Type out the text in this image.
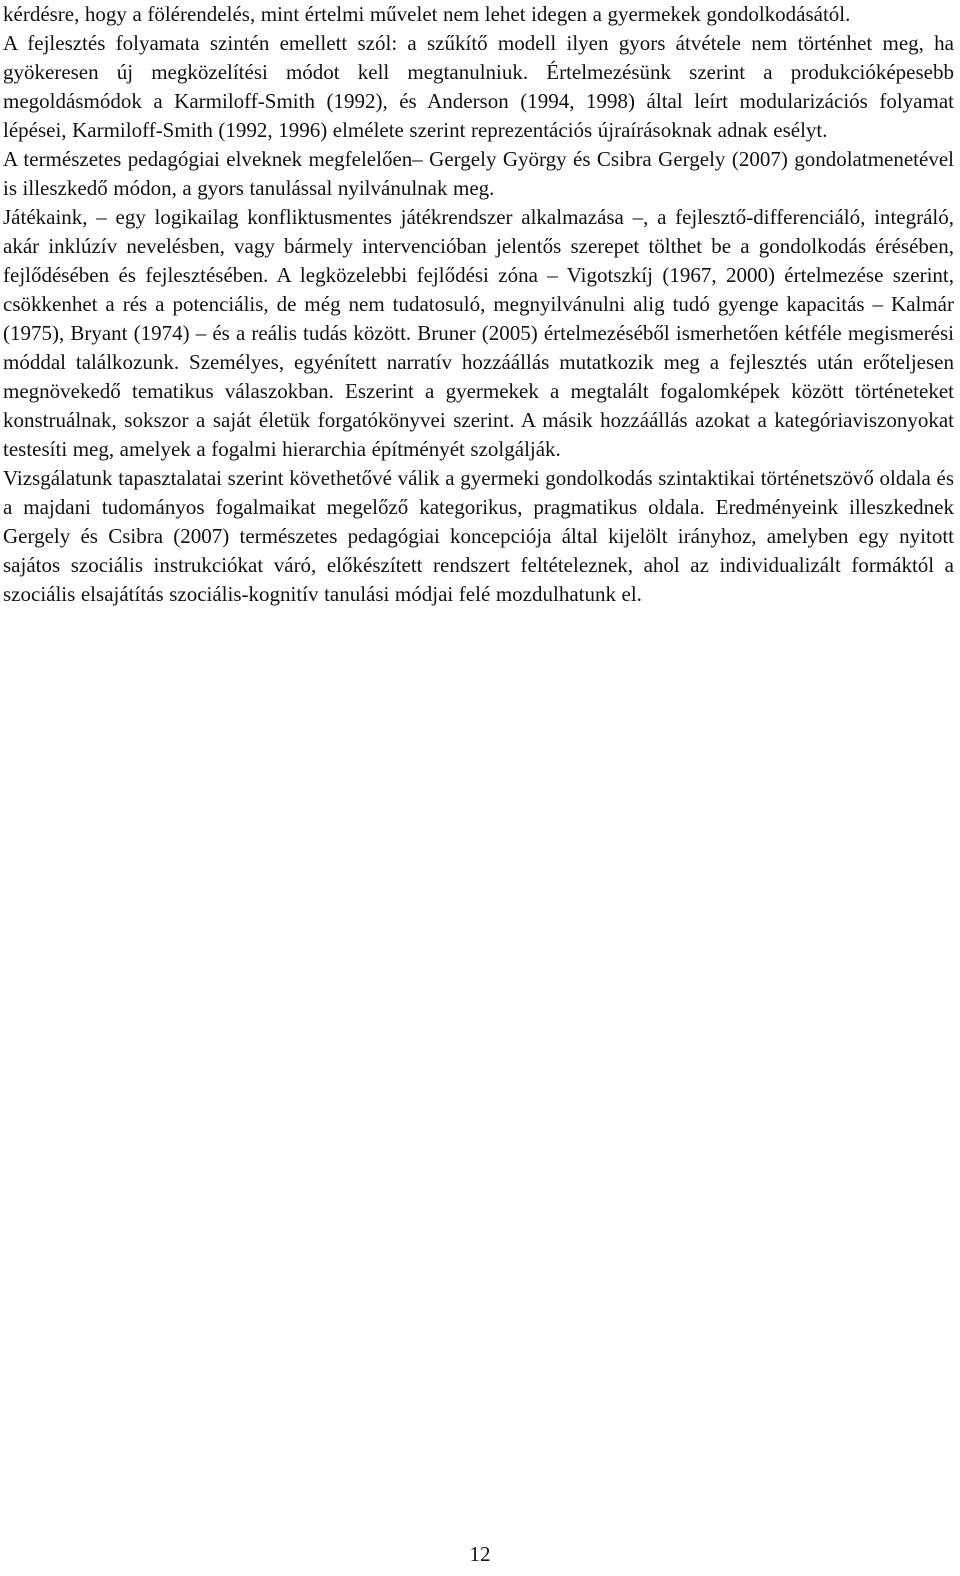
kérdésre, hogy a fölérendelés, mint értelmi művelet nem lehet idegen a gyermekek gondolkodásától.

A fejlesztés folyamata szintén emellett szól: a szűkítő modell ilyen gyors átvétele nem történhet meg, ha gyökeresen új megközelítési módot kell megtanulniuk. Értelmezésünk szerint a produkcióképesebb megoldásmódok a Karmiloff-Smith (1992), és Anderson (1994, 1998) által leírt modularizációs folyamat lépései, Karmiloff-Smith (1992, 1996) elmélete szerint reprezentációs újraírásoknak adnak esélyt.

A természetes pedagógiai elveknek megfelelően– Gergely György és Csibra Gergely (2007) gondolatmenetével is illeszkedő módon, a gyors tanulással nyilvánulnak meg.

Játékaink, – egy logikailag konfliktusmentes játékrendszer alkalmazása –, a fejlesztő-differenciáló, integráló, akár inklúzív nevelésben, vagy bármely intervencióban jelentős szerepet tölthet be a gondolkodás érésében, fejlődésében és fejlesztésében. A legközelebbi fejlődési zóna – Vigotszkíj (1967, 2000) értelmezése szerint, csökkenhet a rés a potenciális, de még nem tudatosuló, megnyilvánulni alig tudó gyenge kapacitás – Kalmár (1975), Bryant (1974) – és a reális tudás között. Bruner (2005) értelmezéséből ismerhetően kétféle megismerési móddal találkozunk. Személyes, egyénített narratív hozzáállás mutatkozik meg a fejlesztés után erőteljesen megnövekedő tematikus válaszokban. Eszerint a gyermekek a megtalált fogalomképek között történeteket konstruálnak, sokszor a saját életük forgatókönyvei szerint. A másik hozzáállás azokat a kategóriaviszonyokat testesíti meg, amelyek a fogalmi hierarchia építményét szolgálják.

Vizsgálatunk tapasztalatai szerint követhetővé válik a gyermeki gondolkodás szintaktikai történetszövő oldala és a majdani tudományos fogalmaikat megelőző kategorikus, pragmatikus oldala. Eredményeink illeszkednek Gergely és Csibra (2007) természetes pedagógiai koncepciója által kijelölt irányhoz, amelyben egy nyitott sajátos szociális instrukciókat váró, előkészített rendszert feltételeznek, ahol az individualizált formáktól a szociális elsajátítás szociális-kognitív tanulási módjai felé mozdulhatunk el.

12
